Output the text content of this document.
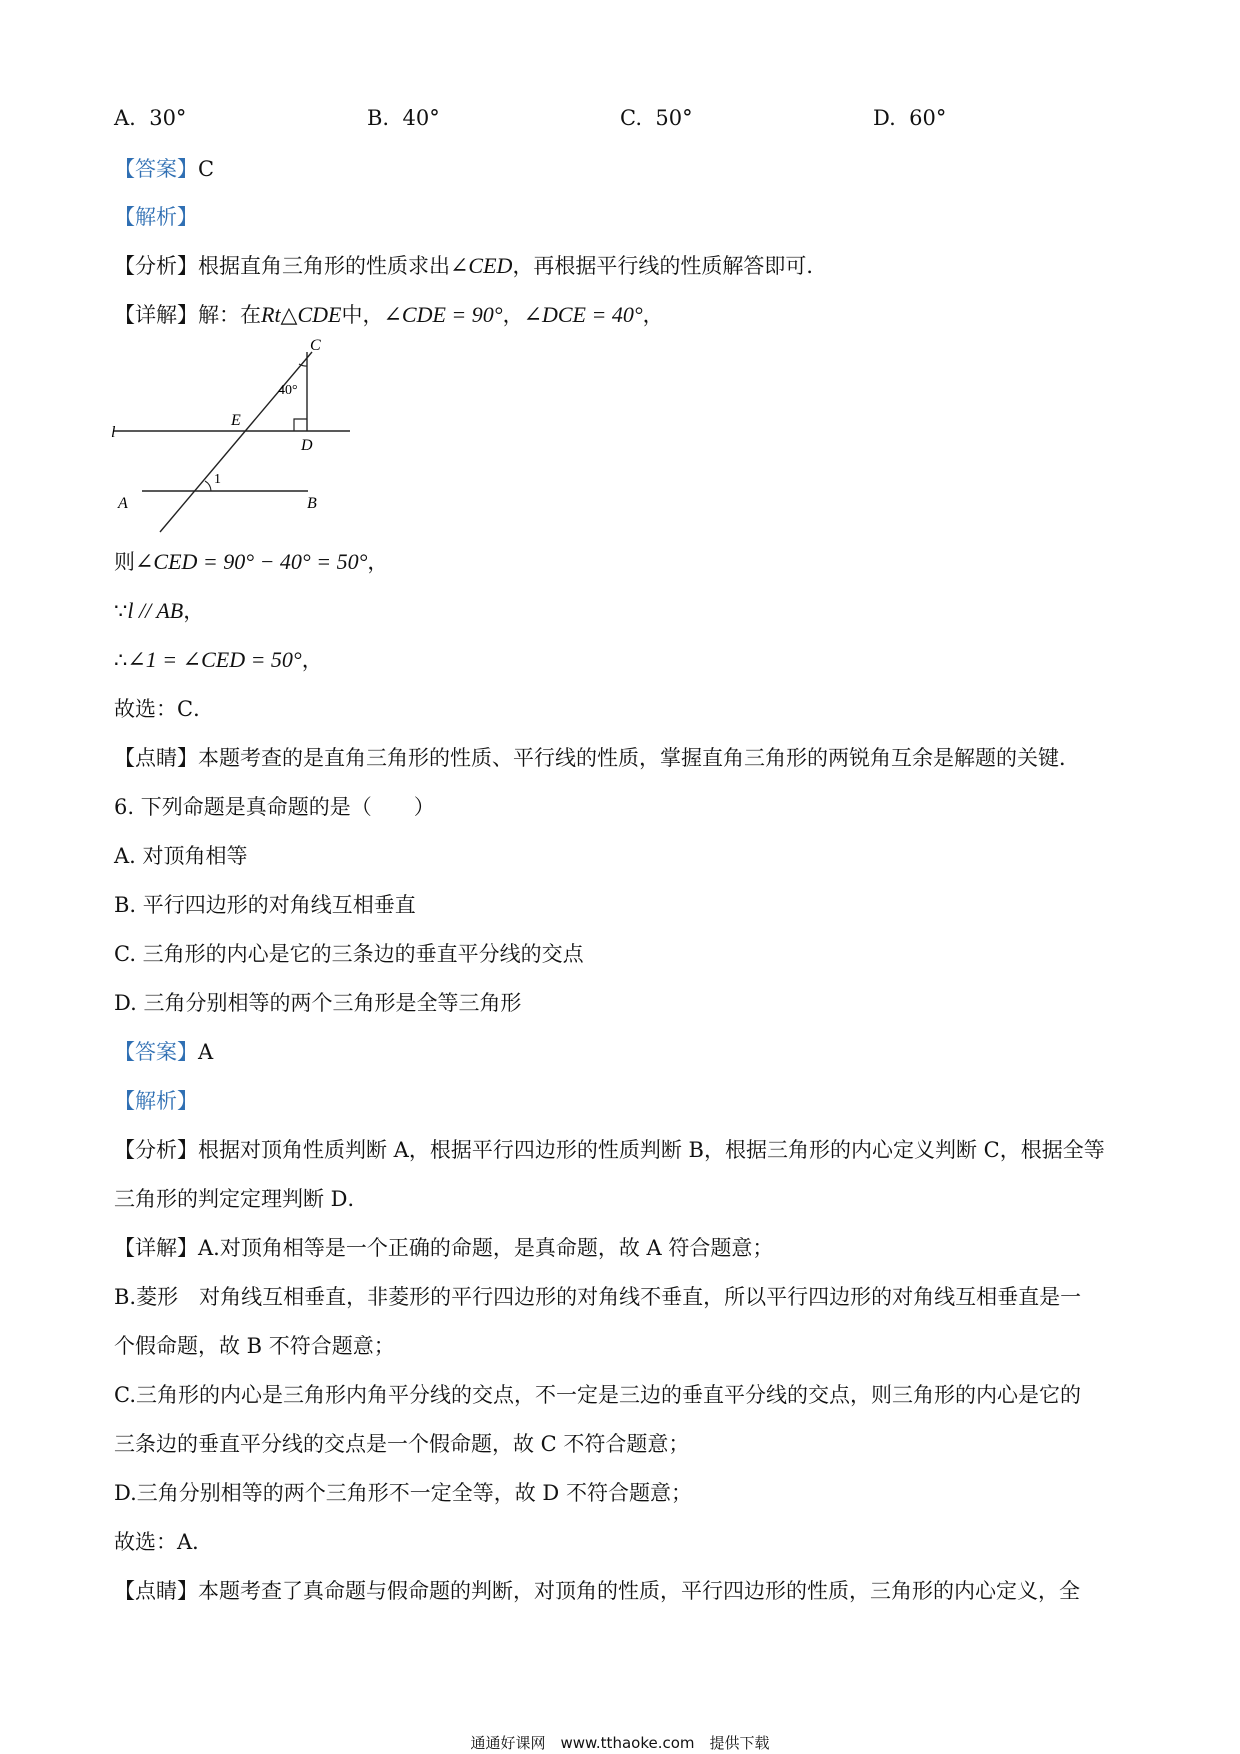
A. 30°	B. 40°	C. 50°	D. 60°
【答案】C
【解析】
【分析】根据直角三角形的性质求出∠CED，再根据平行线的性质解答即可．
【详解】解：在Rt△CDE中，∠CDE = 90°，∠DCE = 40°，
C
40°
E
l
D
1
A	B
则∠CED = 90° − 40° = 50°，
∵l // AB，
∴∠1 = ∠CED = 50°，
故选：C．
【点睛】本题考查的是直角三角形的性质、平行线的性质，掌握直角三角形的两锐角互余是解题的关键．
6. 下列命题是真命题的是（　　）
A. 对顶角相等
B. 平行四边形的对角线互相垂直
C. 三角形的内心是它的三条边的垂直平分线的交点
D. 三角分别相等的两个三角形是全等三角形
【答案】A
【解析】
【分析】根据对顶角性质判断 A，根据平行四边形的性质判断 B，根据三角形的内心定义判断 C，根据全等
三角形的判定定理判断 D．
【详解】A.对顶角相等是一个正确的命题，是真命题，故 A 符合题意；
B.菱形　对角线互相垂直，非菱形的平行四边形的对角线不垂直，所以平行四边形的对角线互相垂直是一
个假命题，故 B 不符合题意；
C.三角形的内心是三角形内角平分线的交点，不一定是三边的垂直平分线的交点，则三角形的内心是它的
三条边的垂直平分线的交点是一个假命题，故 C 不符合题意；
D.三角分别相等的两个三角形不一定全等，故 D 不符合题意；
故选：A．
【点睛】本题考查了真命题与假命题的判断，对顶角的性质，平行四边形的性质，三角形的内心定义，全
通通好课网　www.tthaoke.com　提供下载
